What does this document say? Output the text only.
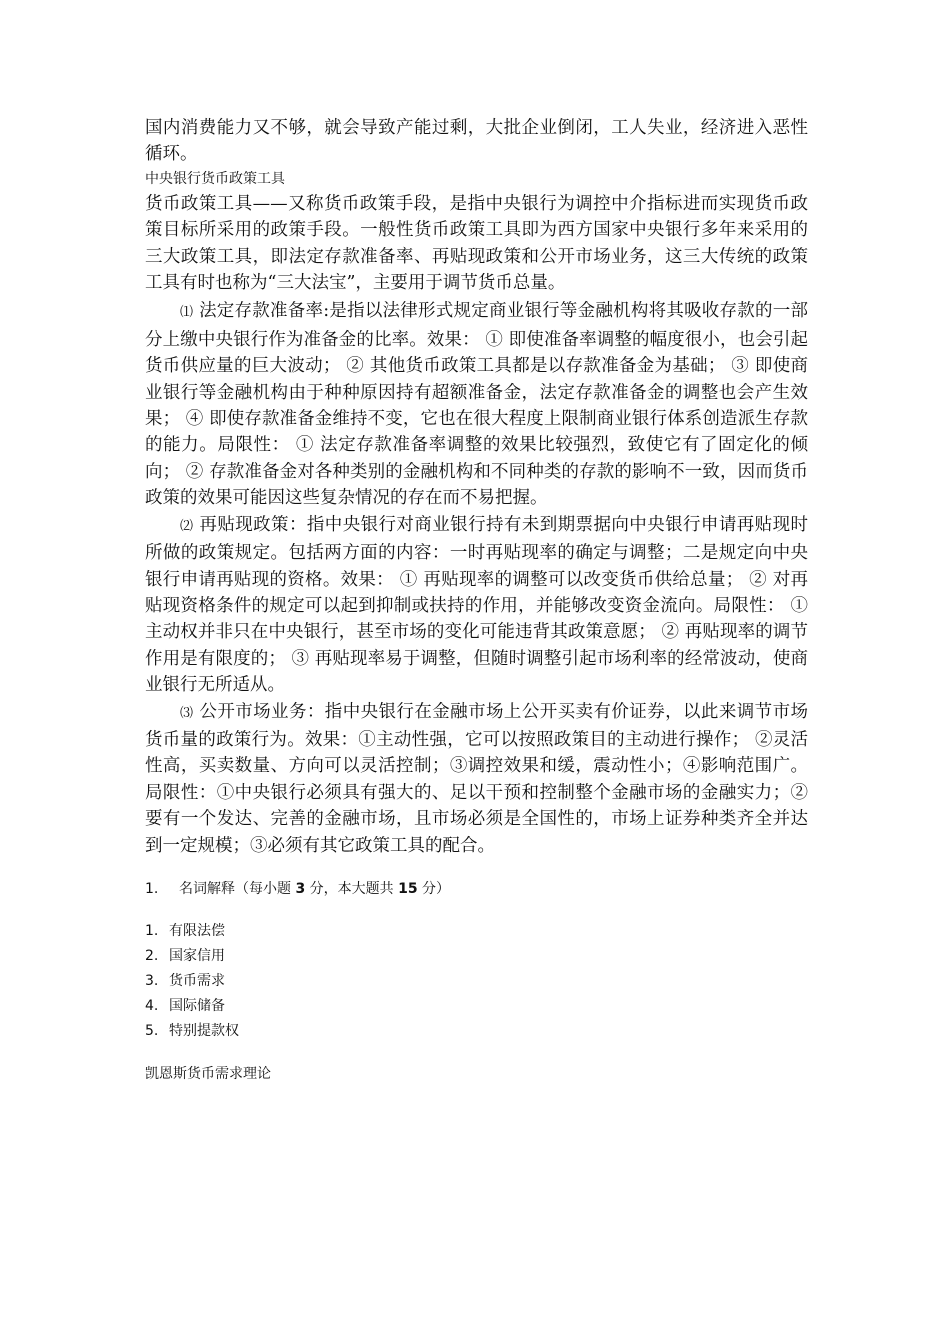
国内消费能力又不够，就会导致产能过剩，大批企业倒闭，工人失业，经济进入恶性循环。

中央银行货币政策工具

货币政策工具——又称货币政策手段，是指中央银行为调控中介指标进而实现货币政策目标所采用的政策手段。一般性货币政策工具即为西方国家中央银行多年来采用的三大政策工具，即法定存款准备率、再贴现政策和公开市场业务，这三大传统的政策工具有时也称为“三大法宝”，主要用于调节货币总量。

⑴ 法定存款准备率:是指以法律形式规定商业银行等金融机构将其吸收存款的一部分上缴中央银行作为准备金的比率。效果： ① 即使准备率调整的幅度很小，也会引起货币供应量的巨大波动； ② 其他货币政策工具都是以存款准备金为基础； ③ 即使商业银行等金融机构由于种种原因持有超额准备金，法定存款准备金的调整也会产生效果； ④ 即使存款准备金维持不变，它也在很大程度上限制商业银行体系创造派生存款的能力。局限性： ① 法定存款准备率调整的效果比较强烈，致使它有了固定化的倾向； ② 存款准备金对各种类别的金融机构和不同种类的存款的影响不一致，因而货币政策的效果可能因这些复杂情况的存在而不易把握。

⑵ 再贴现政策：指中央银行对商业银行持有未到期票据向中央银行申请再贴现时所做的政策规定。包括两方面的内容：一时再贴现率的确定与调整；二是规定向中央银行申请再贴现的资格。效果： ① 再贴现率的调整可以改变货币供给总量； ② 对再贴现资格条件的规定可以起到抑制或扶持的作用，并能够改变资金流向。局限性： ① 主动权并非只在中央银行，甚至市场的变化可能违背其政策意愿； ② 再贴现率的调节作用是有限度的； ③ 再贴现率易于调整，但随时调整引起市场利率的经常波动，使商业银行无所适从。

⑶ 公开市场业务：指中央银行在金融市场上公开买卖有价证券，以此来调节市场货币量的政策行为。效果：①主动性强，它可以按照政策目的主动进行操作； ②灵活性高，买卖数量、方向可以灵活控制；③调控效果和缓，震动性小；④影响范围广。局限性：①中央银行必须具有强大的、足以干预和控制整个金融市场的金融实力；②要有一个发达、完善的金融市场，且市场必须是全国性的，市场上证券种类齐全并达到一定规模；③必须有其它政策工具的配合。

1.	名词解释（每小题 3 分，本大题共 15 分）
1. 有限法偿
2. 国家信用
3. 货币需求
4. 国际储备
5. 特别提款权

凯恩斯货币需求理论
